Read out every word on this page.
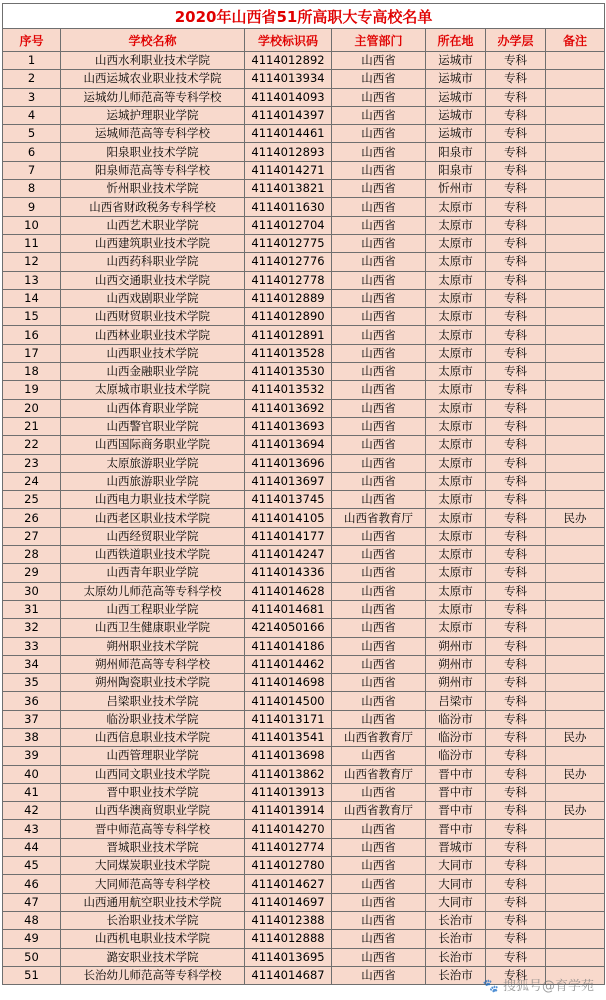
2020年山西省51所高职大专高校名单						
序号	学校名称	学校标识码	主管部门	所在地	办学层	备注
1	山西水利职业技术学院	4114012892	山西省	运城市	专科	
2	山西运城农业职业技术学院	4114013934	山西省	运城市	专科	
3	运城幼儿师范高等专科学校	4114014093	山西省	运城市	专科	
4	运城护理职业学院	4114014397	山西省	运城市	专科	
5	运城师范高等专科学校	4114014461	山西省	运城市	专科	
6	阳泉职业技术学院	4114012893	山西省	阳泉市	专科	
7	阳泉师范高等专科学校	4114014271	山西省	阳泉市	专科	
8	忻州职业技术学院	4114013821	山西省	忻州市	专科	
9	山西省财政税务专科学校	4114011630	山西省	太原市	专科	
10	山西艺术职业学院	4114012704	山西省	太原市	专科	
11	山西建筑职业技术学院	4114012775	山西省	太原市	专科	
12	山西药科职业学院	4114012776	山西省	太原市	专科	
13	山西交通职业技术学院	4114012778	山西省	太原市	专科	
14	山西戏剧职业学院	4114012889	山西省	太原市	专科	
15	山西财贸职业技术学院	4114012890	山西省	太原市	专科	
16	山西林业职业技术学院	4114012891	山西省	太原市	专科	
17	山西职业技术学院	4114013528	山西省	太原市	专科	
18	山西金融职业学院	4114013530	山西省	太原市	专科	
19	太原城市职业技术学院	4114013532	山西省	太原市	专科	
20	山西体育职业学院	4114013692	山西省	太原市	专科	
21	山西警官职业学院	4114013693	山西省	太原市	专科	
22	山西国际商务职业学院	4114013694	山西省	太原市	专科	
23	太原旅游职业学院	4114013696	山西省	太原市	专科	
24	山西旅游职业学院	4114013697	山西省	太原市	专科	
25	山西电力职业技术学院	4114013745	山西省	太原市	专科	
26	山西老区职业技术学院	4114014105	山西省教育厅	太原市	专科	民办
27	山西经贸职业学院	4114014177	山西省	太原市	专科	
28	山西铁道职业技术学院	4114014247	山西省	太原市	专科	
29	山西青年职业学院	4114014336	山西省	太原市	专科	
30	太原幼儿师范高等专科学校	4114014628	山西省	太原市	专科	
31	山西工程职业学院	4114014681	山西省	太原市	专科	
32	山西卫生健康职业学院	4214050166	山西省	太原市	专科	
33	朔州职业技术学院	4114014186	山西省	朔州市	专科	
34	朔州师范高等专科学校	4114014462	山西省	朔州市	专科	
35	朔州陶瓷职业技术学院	4114014698	山西省	朔州市	专科	
36	吕梁职业技术学院	4114014500	山西省	吕梁市	专科	
37	临汾职业技术学院	4114013171	山西省	临汾市	专科	
38	山西信息职业技术学院	4114013541	山西省教育厅	临汾市	专科	民办
39	山西管理职业学院	4114013698	山西省	临汾市	专科	
40	山西同文职业技术学院	4114013862	山西省教育厅	晋中市	专科	民办
41	晋中职业技术学院	4114013913	山西省	晋中市	专科	
42	山西华澳商贸职业学院	4114013914	山西省教育厅	晋中市	专科	民办
43	晋中师范高等专科学校	4114014270	山西省	晋中市	专科	
44	晋城职业技术学院	4114012774	山西省	晋城市	专科	
45	大同煤炭职业技术学院	4114012780	山西省	大同市	专科	
46	大同师范高等专科学校	4114014627	山西省	大同市	专科	
47	山西通用航空职业技术学院	4114014697	山西省	大同市	专科	
48	长治职业技术学院	4114012388	山西省	长治市	专科	
49	山西机电职业技术学院	4114012888	山西省	长治市	专科	
50	潞安职业技术学院	4114013695	山西省	长治市	专科	
51	长治幼儿师范高等专科学校	4114014687	山西省	长治市	专科	
🐾 搜狐号@育学苑
